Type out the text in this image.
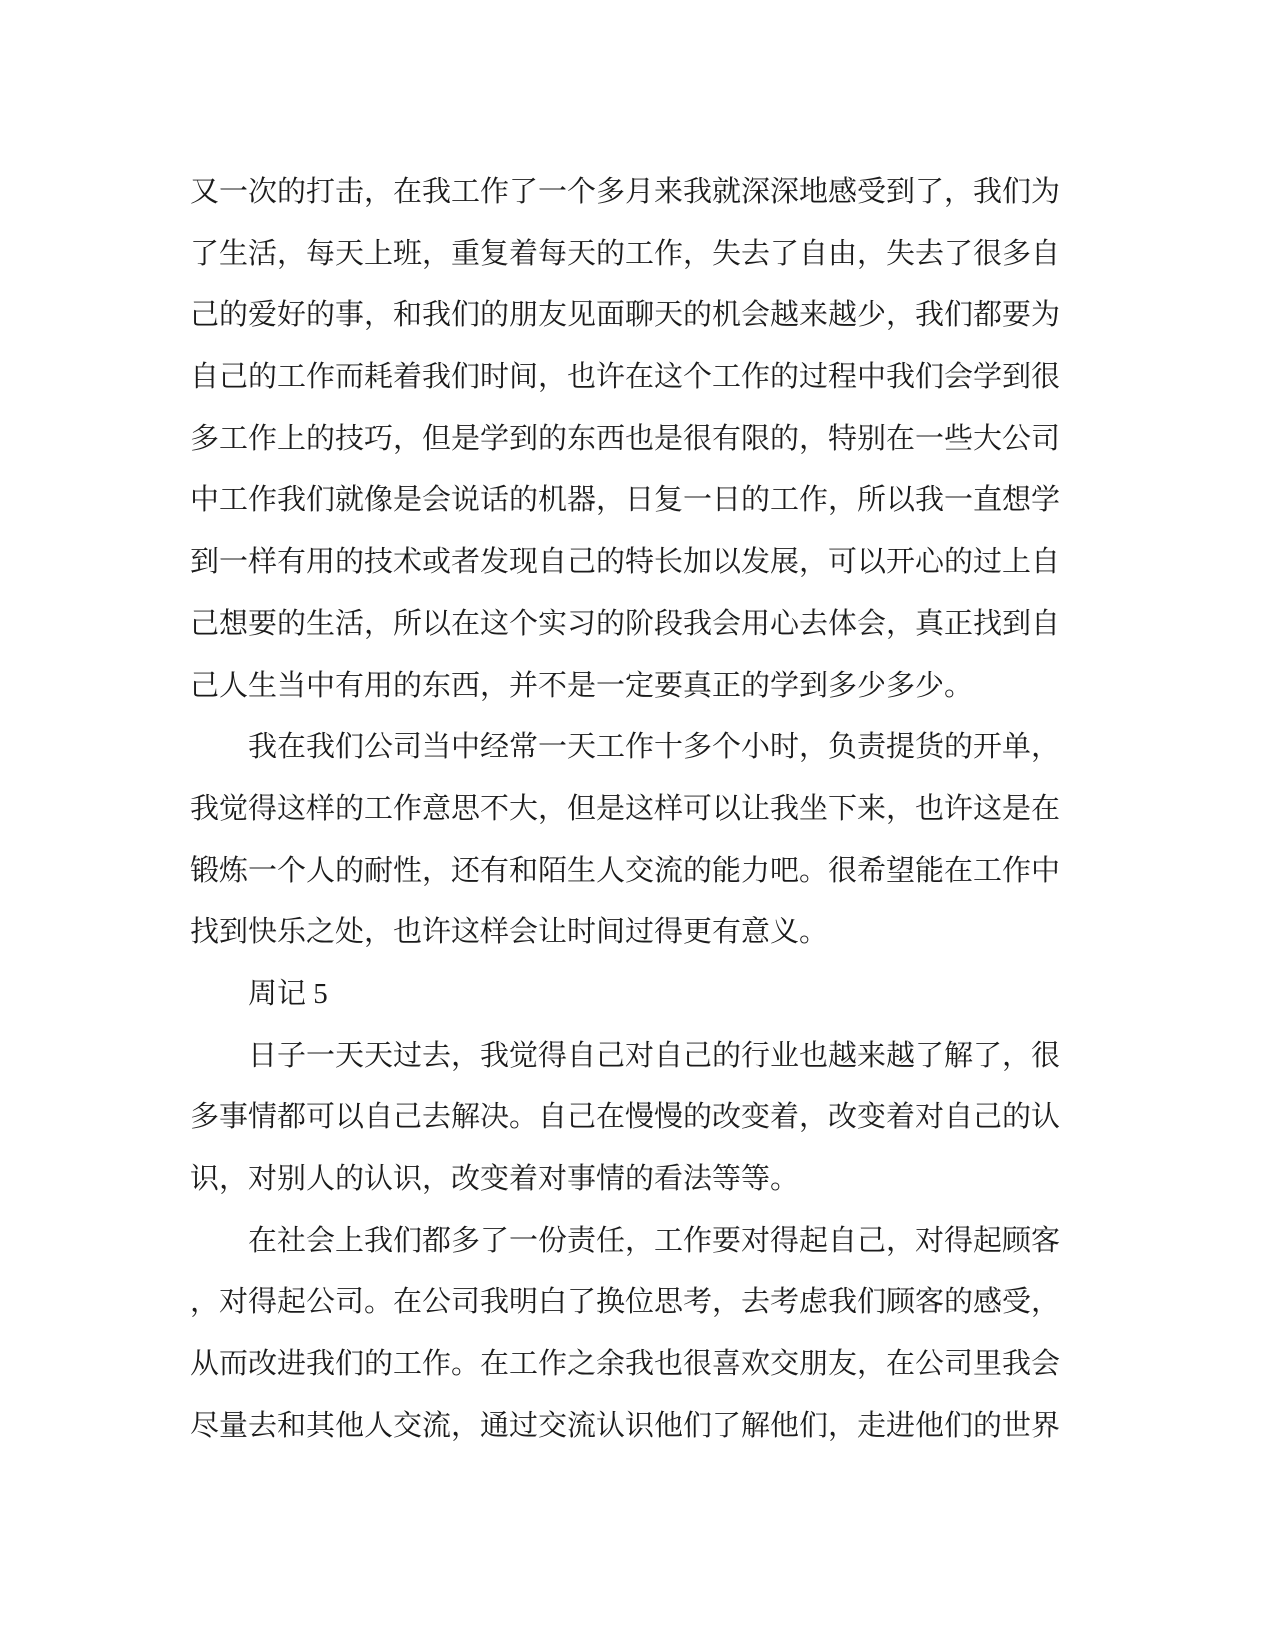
又一次的打击，在我工作了一个多月来我就深深地感受到了，我们为
了生活，每天上班，重复着每天的工作，失去了自由，失去了很多自
己的爱好的事，和我们的朋友见面聊天的机会越来越少，我们都要为
自己的工作而耗着我们时间，也许在这个工作的过程中我们会学到很
多工作上的技巧，但是学到的东西也是很有限的，特别在一些大公司
中工作我们就像是会说话的机器，日复一日的工作，所以我一直想学
到一样有用的技术或者发现自己的特长加以发展，可以开心的过上自
己想要的生活，所以在这个实习的阶段我会用心去体会，真正找到自
己人生当中有用的东西，并不是一定要真正的学到多少多少。
　　我在我们公司当中经常一天工作十多个小时，负责提货的开单，
我觉得这样的工作意思不大，但是这样可以让我坐下来，也许这是在
锻炼一个人的耐性，还有和陌生人交流的能力吧。很希望能在工作中
找到快乐之处，也许这样会让时间过得更有意义。
　　周记 5
　　日子一天天过去，我觉得自己对自己的行业也越来越了解了，很
多事情都可以自己去解决。自己在慢慢的改变着，改变着对自己的认
识，对别人的认识，改变着对事情的看法等等。
　　在社会上我们都多了一份责任，工作要对得起自己，对得起顾客
，对得起公司。在公司我明白了换位思考，去考虑我们顾客的感受，
从而改进我们的工作。在工作之余我也很喜欢交朋友，在公司里我会
尽量去和其他人交流，通过交流认识他们了解他们，走进他们的世界
